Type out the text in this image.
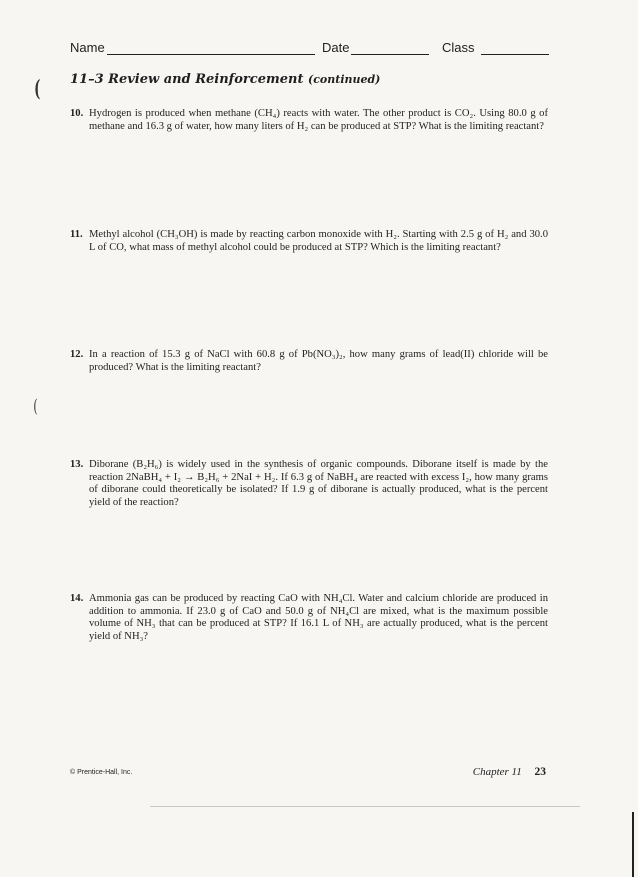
(
(
Name	Date	Class
11–3 Review and Reinforcement (continued)
10. Hydrogen is produced when methane (CH₄) reacts with water. The other product is CO₂. Using 80.0 g of methane and 16.3 g of water, how many liters of H₂ can be produced at STP? What is the limiting reactant?
11. Methyl alcohol (CH₃OH) is made by reacting carbon monoxide with H₂. Starting with 2.5 g of H₂ and 30.0 L of CO, what mass of methyl alcohol could be produced at STP? Which is the limiting reactant?
12. In a reaction of 15.3 g of NaCl with 60.8 g of Pb(NO₃)₂, how many grams of lead(II) chloride will be produced? What is the limiting reactant?
13. Diborane (B₂H₆) is widely used in the synthesis of organic compounds. Diborane itself is made by the reaction 2NaBH₄ + I₂ → B₂H₆ + 2NaI + H₂. If 6.3 g of NaBH₄ are reacted with excess I₂, how many grams of diborane could theoretically be isolated? If 1.9 g of diborane is actually produced, what is the percent yield of the reaction?
14. Ammonia gas can be produced by reacting CaO with NH₄Cl. Water and calcium chloride are produced in addition to ammonia. If 23.0 g of CaO and 50.0 g of NH₄Cl are mixed, what is the maximum possible volume of NH₃ that can be produced at STP? If 16.1 L of NH₃ are actually produced, what is the percent yield of NH₃?
© Prentice-Hall, Inc.	Chapter 11 23
